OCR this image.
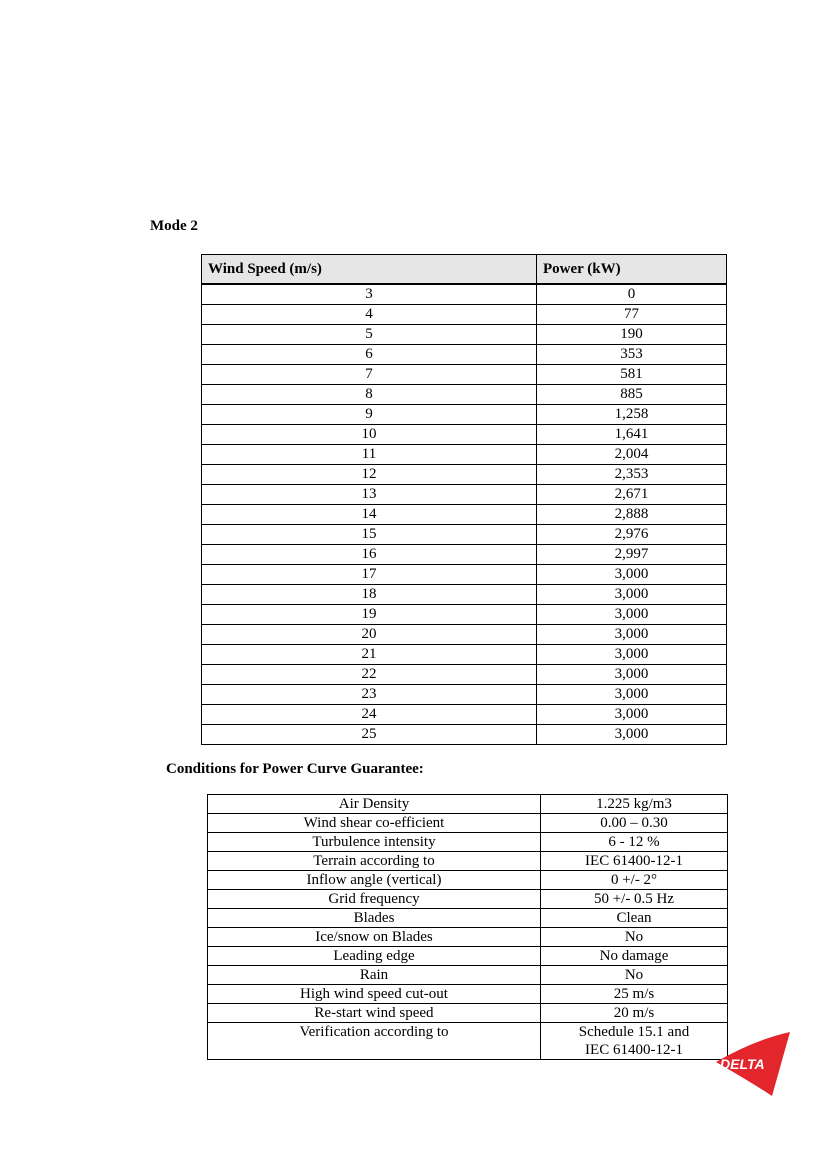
Mode 2
Wind Speed (m/s)	Power (kW)
3	0
4	77
5	190
6	353
7	581
8	885
9	1,258
10	1,641
11	2,004
12	2,353
13	2,671
14	2,888
15	2,976
16	2,997
17	3,000
18	3,000
19	3,000
20	3,000
21	3,000
22	3,000
23	3,000
24	3,000
25	3,000
Conditions for Power Curve Guarantee:
Air Density	1.225 kg/m3
Wind shear co-efficient	0.00 – 0.30
Turbulence intensity	6 - 12 %
Terrain according to	IEC 61400-12-1
Inflow angle (vertical)	0 +/- 2°
Grid frequency	50 +/- 0.5 Hz
Blades	Clean
Ice/snow on Blades	No
Leading edge	No damage
Rain	No
High wind speed cut-out	25 m/s
Re-start wind speed	20 m/s
Verification according to	Schedule 15.1 and
IEC 61400-12-1
DELTA
